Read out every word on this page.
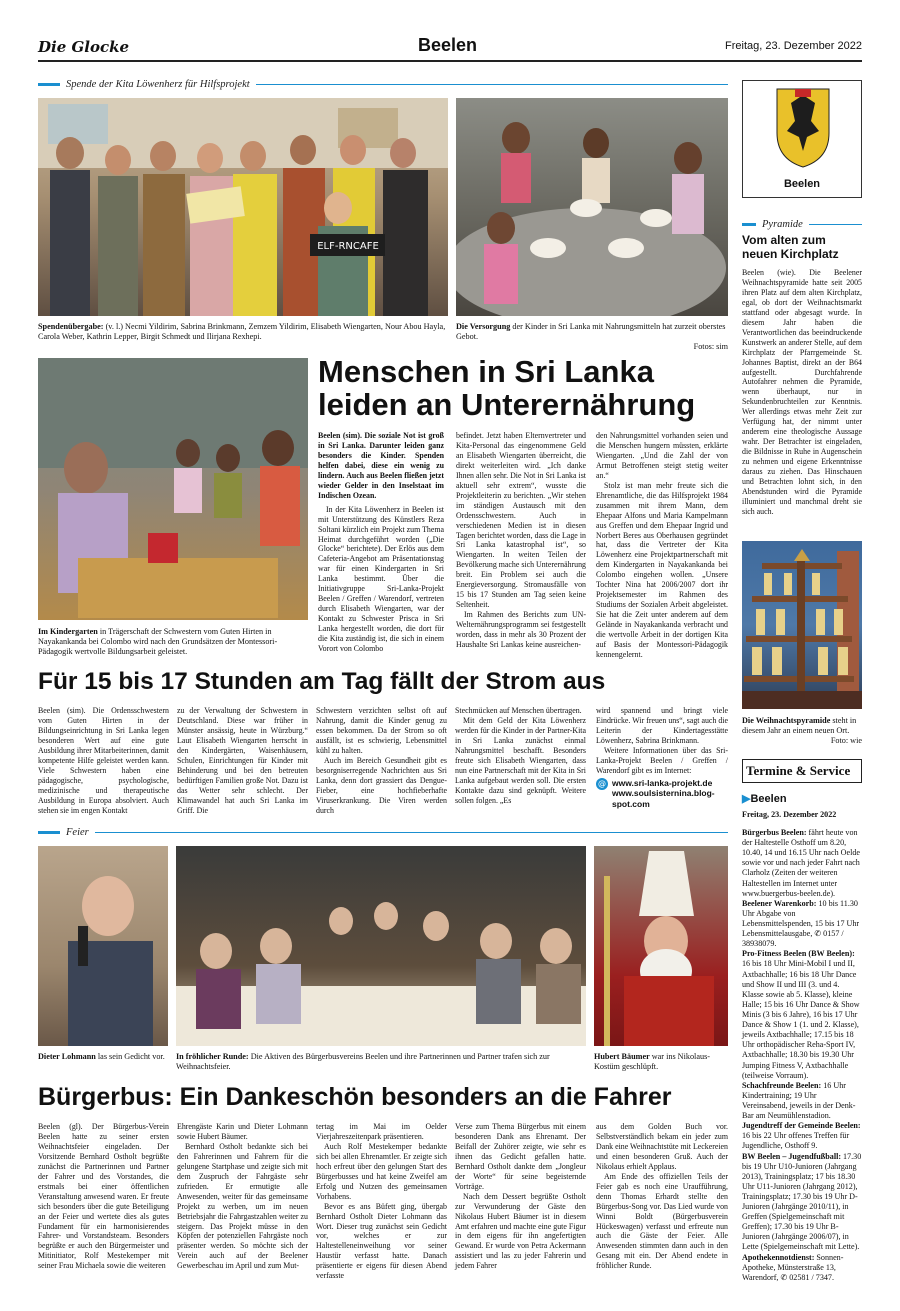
Die Glocke	Beelen	Freitag, 23. Dezember 2022
Spende der Kita Löwenherz für Hilfsprojekt
ELF-RNCAFE
Spendenübergabe: (v. l.) Necmi Yildirim, Sabrina Brinkmann, Zemzem Yildirim, Elisabeth Wiengarten, Nour Abou Hayla, Carola Weber, Kathrin Lepper, Birgit Schmedt und Ilirjana Rexhepi.
Die Versorgung der Kinder in Sri Lanka mit Nahrungsmitteln hat zurzeit oberstes Gebot.
Fotos: sim
Im Kindergarten in Trägerschaft der Schwestern vom Guten Hirten in Nayakankanda bei Colombo wird nach den Grundsätzen der Montessori-Pädagogik wertvolle Bildungsarbeit geleistet.
Menschen in Sri Lanka
leiden an Unterernährung

Beelen (sim). Die soziale Not ist groß in Sri Lanka. Darunter leiden ganz besonders die Kinder. Spenden helfen dabei, diese ein wenig zu lindern. Auch aus Beelen fließen jetzt wieder Gelder in den Inselstaat im Indischen Ozean.

In der Kita Löwenherz in Beelen ist mit Unterstützung des Künstlers Reza Soltani kürzlich ein Projekt zum Thema Heimat durchgeführt worden („Die Glocke“ berichtete). Der Erlös aus dem Cafeteria-Angebot am Präsentationstag war für einen Kindergarten in Sri Lanka bestimmt. Über die Initiativgruppe Sri-Lanka-Projekt Beelen / Greffen / Warendorf, vertreten durch Elisabeth Wiengarten, war der Kontakt zu Schwester Prisca in Sri Lanka hergestellt worden, die dort für die Kita zuständig ist, die sich in einem Vorort von Colombo

befindet. Jetzt haben Elternvertreter und Kita-Personal das eingenommene Geld an Elisabeth Wiengarten überreicht, die direkt weiterleiten wird. „Ich danke Ihnen allen sehr. Die Not in Sri Lanka ist aktuell sehr extrem“, wusste die Projektleiterin zu berichten. „Wir stehen im ständigen Austausch mit den Ordensschwestern. Auch in verschiedenen Medien ist in diesen Tagen berichtet worden, dass die Lage in Sri Lanka katastrophal ist“, so Wiengarten. In weiten Teilen der Bevölkerung mache sich Unterernährung breit. Ein Problem sei auch die Energieversorgung. Stromausfälle von 15 bis 17 Stunden am Tag seien keine Seltenheit.

Im Rahmen des Berichts zum UN-Welternährungsprogramm sei festgestellt worden, dass in mehr als 30 Prozent der Haushalte Sri Lankas keine ausreichen-

den Nahrungsmittel vorhanden seien und die Menschen hungern müssten, erklärte Wiengarten. „Und die Zahl der von Armut Betroffenen steigt stetig weiter an.“

Stolz ist man mehr freute sich die Ehrenamtliche, die das Hilfsprojekt 1984 zusammen mit ihrem Mann, dem Ehepaar Alfons und Maria Kampelmann aus Greffen und dem Ehepaar Ingrid und Norbert Beres aus Oberhausen gegründet hat, dass die Vertreter der Kita Löwenherz eine Projektpartnerschaft mit dem Kindergarten in Nayakankanda bei Colombo eingehen wollen. „Unsere Tochter Nina hat 2006/2007 dort ihr Projektsemester im Rahmen des Studiums der Sozialen Arbeit abgeleistet. Sie hat die Zeit unter anderem auf dem Gelände in Nayakankanda verbracht und die wertvolle Arbeit in der dortigen Kita auf Basis der Montessori-Pädagogik kennengelernt.

Für 15 bis 17 Stunden am Tag fällt der Strom aus

Beelen (sim). Die Ordensschwestern vom Guten Hirten in der Bildungseinrichtung in Sri Lanka legen besonderen Wert auf eine gute Ausbildung ihrer Mitarbeiterinnen, damit kompetente Hilfe geleistet werden kann. Viele Schwestern haben eine pädagogische, psychologische, medizinische und therapeutische Ausbildung in Europa absolviert. Auch stehen sie im engen Kontakt

zu der Verwaltung der Schwestern in Deutschland. Diese war früher in Münster ansässig, heute in Würzburg.“ Laut Elisabeth Wiengarten herrscht in den Kindergärten, Waisenhäusern, Schulen, Einrichtungen für Kinder mit Behinderung und bei den betreuten bedürftigen Familien große Not. Dazu ist das Wetter sehr schlecht. Der Klimawandel hat auch Sri Lanka im Griff. Die

Schwestern verzichten selbst oft auf Nahrung, damit die Kinder genug zu essen bekommen. Da der Strom so oft ausfällt, ist es schwierig, Lebensmittel kühl zu halten.

Auch im Bereich Gesundheit gibt es besorgniserregende Nachrichten aus Sri Lanka, denn dort grassiert das Dengue-Fieber, eine hochfieberhafte Viruserkrankung. Die Viren werden durch

Stechmücken auf Menschen übertragen.

Mit dem Geld der Kita Löwenherz werden für die Kinder in der Partner-Kita in Sri Lanka zunächst einmal Nahrungsmittel beschafft. Besonders freute sich Elisabeth Wiengarten, dass nun eine Partnerschaft mit der Kita in Sri Lanka aufgebaut werden soll. Die ersten Kontakte dazu sind geknüpft. Weitere sollen folgen. „Es

wird spannend und bringt viele Eindrücke. Wir freuen uns“, sagt auch die Leiterin der Kindertagesstätte Löwenherz, Sabrina Brinkmann.

Weitere Informationen über das Sri-Lanka-Projekt Beelen / Greffen / Warendorf gibt es im Internet:

@ www.sri-lanka-projekt.de
www.soulsisternina.blog-spot.com
Feier
Dieter Lohmann las sein Gedicht vor.	In fröhlicher Runde: Die Aktiven des Bürgerbusvereins Beelen und ihre Partnerinnen und Partner trafen sich zur Weihnachtsfeier.
Hubert Bäumer war ins Nikolaus-Kostüm geschlüpft.
Bürgerbus: Ein Dankeschön besonders an die Fahrer

Beelen (gl). Der Bürgerbus-Verein Beelen hatte zu seiner ersten Weihnachtsfeier eingeladen. Der Vorsitzende Bernhard Ostholt begrüßte zunächst die Partnerinnen und Partner der Fahrer und des Vorstandes, die erstmals bei einer öffentlichen Veranstaltung anwesend waren. Er freute sich besonders über die gute Beteiligung an der Feier und wertete dies als gutes Fundament für ein harmonisierendes Fahrer- und Vorstandsteam. Besonders begrüßte er auch den Bürgermeister und Mitinitiator, Rolf Mestekemper mit seiner Frau Michaela sowie die weiteren

Ehrengäste Karin und Dieter Lohmann sowie Hubert Bäumer.

Bernhard Ostholt bedankte sich bei den Fahrerinnen und Fahrern für die gelungene Startphase und zeigte sich mit dem Zuspruch der Fahrgäste sehr zufrieden. Er ermutigte alle Anwesenden, weiter für das gemeinsame Projekt zu werben, um im neuen Betriebsjahr die Fahrgastzahlen weiter zu steigern. Das Projekt müsse in den Köpfen der potenziellen Fahrgäste noch präsenter werden. So möchte sich der Verein auch auf der Beelener Gewerbeschau im April und zum Mut-

tertag im Mai im Oelder Vierjahreszeitenpark präsentieren.

Auch Rolf Mestekemper bedankte sich bei allen Ehrenamtler. Er zeigte sich hoch erfreut über den gelungen Start des Bürgerbusses und hat keine Zweifel am Erfolg und Nutzen des gemeinsamen Vorhabens.

Bevor es ans Büfett ging, übergab Bernhard Ostholt Dieter Lohmann das Wort. Dieser trug zunächst sein Gedicht vor, welches er zur Haltestelleneinweihung vor seiner Haustür verfasst hatte. Danach präsentierte er eigens für diesen Abend verfasste

Verse zum Thema Bürgerbus mit einem besonderen Dank ans Ehrenamt. Der Beifall der Zuhörer zeigte, wie sehr es ihnen das Gedicht gefallen hatte. Bernhard Ostholt dankte dem „Jongleur der Worte“ für seine begeisternde Vorträge.

Nach dem Dessert begrüßte Ostholt zur Verwunderung der Gäste den Nikolaus Hubert Bäumer ist in diesem Amt erfahren und machte eine gute Figur in dem eigens für ihn angefertigten Gewand. Er wurde von Petra Ackermann assistiert und las zu jeder Fahrerin und jedem Fahrer

aus dem Golden Buch vor. Selbstverständlich bekam ein jeder zum Dank eine Weihnachtstüte mit Leckereien und einen besonderen Gruß. Auch der Nikolaus erhielt Applaus.

Am Ende des offiziellen Teils der Feier gab es noch eine Uraufführung, denn Thomas Erhardt stellte den Bürgerbus-Song vor. Das Lied wurde von Winni Boldt (Bürgerbusverein Hückeswagen) verfasst und erfreute nun auch die Gäste der Feier. Alle Anwesenden stimmten dann auch in den Gesang mit ein. Der Abend endete in fröhlicher Runde.

Beelen
Pyramide
Vom alten zum neuen Kirchplatz

Beelen (wie). Die Beelener Weihnachtspyramide hatte seit 2005 ihren Platz auf dem alten Kirchplatz, egal, ob dort der Weihnachtsmarkt stattfand oder abgesagt wurde. In diesem Jahr haben die Verantwortlichen das beeindruckende Kunstwerk an anderer Stelle, auf dem Kirchplatz der Pfarrgemeinde St. Johannes Baptist, direkt an der B64 aufgestellt. Durchfahrende Autofahrer nehmen die Pyramide, wenn überhaupt, nur in Sekundenbruchteilen zur Kenntnis. Wer allerdings etwas mehr Zeit zur Verfügung hat, der nimmt unter anderem eine theologische Aussage wahr. Der Betrachter ist eingeladen, die Bildnisse in Ruhe in Augenschein zu nehmen und eigene Erkenntnisse daraus zu ziehen. Das Hinschauen und Betrachten lohnt sich, in den Abendstunden wird die Pyramide illuminiert und manchmal dreht sie sich auch.

Die Weihnachtspyramide steht in diesem Jahr an einem neuen Ort.
Foto: wie
Termine & Service
▶Beelen
Freitag, 23. Dezember 2022
Bürgerbus Beelen: fährt heute von der Haltestelle Osthoff um 8.20, 10.40, 14 und 16.15 Uhr nach Oelde sowie vor und nach jeder Fahrt nach Clarholz (Zeiten der weiteren Haltestellen im Internet unter www.buergerbus-beelen.de).
Beelener Warenkorb: 10 bis 11.30 Uhr Abgabe von Lebensmittelspenden, 15 bis 17 Uhr Lebensmittelausgabe, ✆ 0157 / 38938079.
Pro-Fitness Beelen (BW Beelen): 16 bis 18 Uhr Mini-Mobil I und II, Axtbachhalle; 16 bis 18 Uhr Dance und Show II und III (3. und 4. Klasse sowie ab 5. Klasse), kleine Halle; 15 bis 16 Uhr Dance & Show Minis (3 bis 6 Jahre), 16 bis 17 Uhr Dance & Show 1 (1. und 2. Klasse), jeweils Axtbachhalle; 17.15 bis 18 Uhr orthopädischer Reha-Sport IV, Axtbachhalle; 18.30 bis 19.30 Uhr Jumping Fitness V, Axtbachhalle (teilweise Vorraum).
Schachfreunde Beelen: 16 Uhr Kindertraining; 19 Uhr Vereinsabend, jeweils in der Denk-Bar am Neumühlenstadion.
Jugendtreff der Gemeinde Beelen: 16 bis 22 Uhr offenes Treffen für Jugendliche, Osthoff 9.
BW Beelen – Jugendfußball: 17.30 bis 19 Uhr U10-Junioren (Jahrgang 2013), Trainingsplatz; 17 bis 18.30 Uhr U11-Junioren (Jahrgang 2012), Trainingsplatz; 17.30 bis 19 Uhr D-Junioren (Jahrgänge 2010/11), in Greffen (Spielgemeinschaft mit Greffen); 17.30 bis 19 Uhr B-Junioren (Jahrgänge 2006/07), in Lette (Spielgemeinschaft mit Lette).
Apothekennotdienst: Sonnen-Apotheke, Münsterstraße 13, Warendorf, ✆ 02581 / 7347.
